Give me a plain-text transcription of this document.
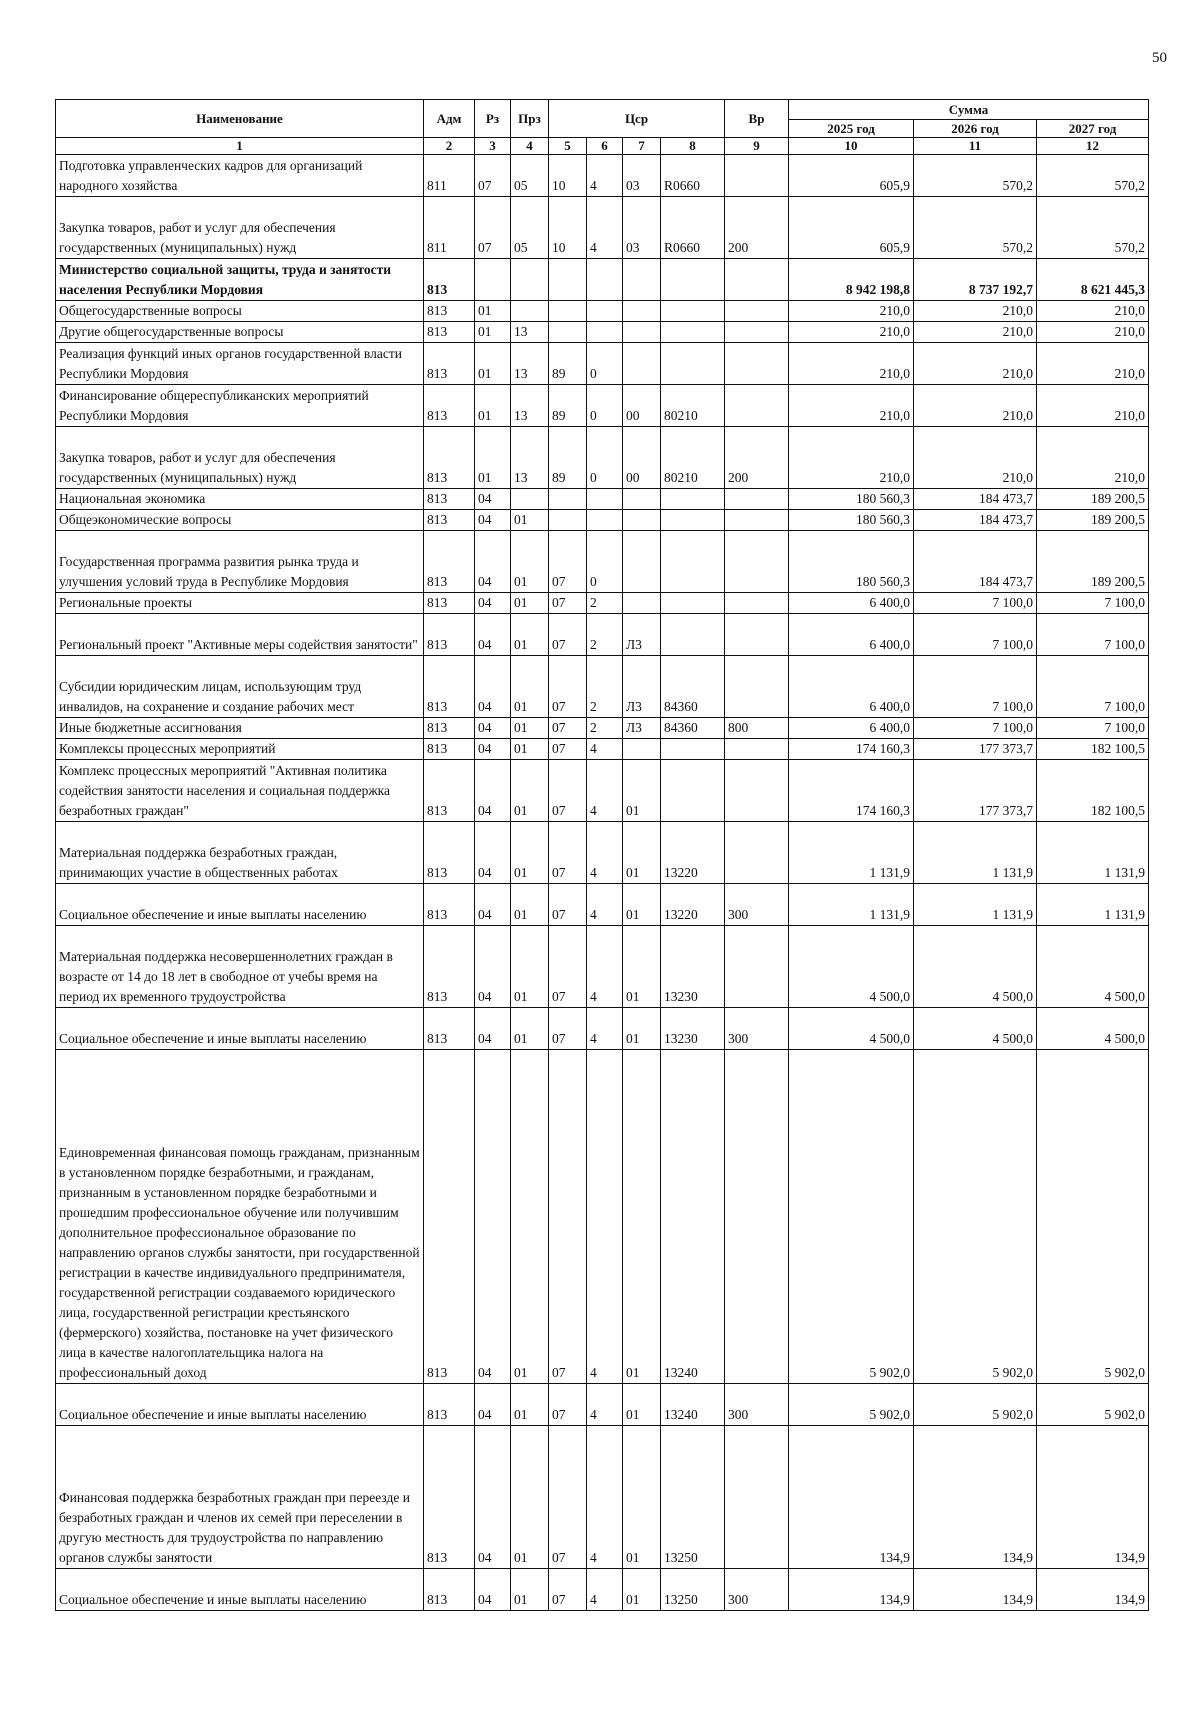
50
Наименование	Адм	Рз	Прз	Цср				Вр	Сумма		
									2025 год	2026 год	2027 год
1	2	3	4	5	6	7	8	9	10	11	12
Подготовка управленческих кадров для организаций народного хозяйства	811	07	05	10	4	03	R0660		605,9	570,2	570,2
Закупка товаров, работ и услуг для обеспечения государственных (муниципальных) нужд	811	07	05	10	4	03	R0660	200	605,9	570,2	570,2
Министерство социальной защиты, труда и занятости населения Республики Мордовия	813								8 942 198,8	8 737 192,7	8 621 445,3
Общегосударственные вопросы	813	01							210,0	210,0	210,0
Другие общегосударственные вопросы	813	01	13						210,0	210,0	210,0
Реализация функций иных органов государственной власти Республики Мордовия	813	01	13	89	0				210,0	210,0	210,0
Финансирование общереспубликанских мероприятий Республики Мордовия	813	01	13	89	0	00	80210		210,0	210,0	210,0
Закупка товаров, работ и услуг для обеспечения государственных (муниципальных) нужд	813	01	13	89	0	00	80210	200	210,0	210,0	210,0
Национальная экономика	813	04							180 560,3	184 473,7	189 200,5
Общеэкономические вопросы	813	04	01						180 560,3	184 473,7	189 200,5
Государственная программа развития рынка труда и улучшения условий труда в Республике Мордовия	813	04	01	07	0				180 560,3	184 473,7	189 200,5
Региональные проекты	813	04	01	07	2				6 400,0	7 100,0	7 100,0
Региональный проект "Активные меры содействия занятости"	813	04	01	07	2	Л3			6 400,0	7 100,0	7 100,0
Субсидии юридическим лицам, использующим труд инвалидов, на сохранение и создание рабочих мест	813	04	01	07	2	Л3	84360		6 400,0	7 100,0	7 100,0
Иные бюджетные ассигнования	813	04	01	07	2	Л3	84360	800	6 400,0	7 100,0	7 100,0
Комплексы процессных мероприятий	813	04	01	07	4				174 160,3	177 373,7	182 100,5
Комплекс процессных мероприятий "Активная политика содействия занятости населения и социальная поддержка безработных граждан"	813	04	01	07	4	01			174 160,3	177 373,7	182 100,5
Материальная поддержка безработных граждан, принимающих участие в общественных работах	813	04	01	07	4	01	13220		1 131,9	1 131,9	1 131,9
Социальное обеспечение и иные выплаты населению	813	04	01	07	4	01	13220	300	1 131,9	1 131,9	1 131,9
Материальная поддержка несовершеннолетних граждан в возрасте от 14 до 18 лет в свободное от учебы время на период их временного трудоустройства	813	04	01	07	4	01	13230		4 500,0	4 500,0	4 500,0
Социальное обеспечение и иные выплаты населению	813	04	01	07	4	01	13230	300	4 500,0	4 500,0	4 500,0
Единовременная финансовая помощь гражданам, признанным в установленном порядке безработными, и гражданам, признанным в установленном порядке безработными и прошедшим профессиональное обучение или получившим дополнительное профессиональное образование по направлению органов службы занятости, при государственной регистрации в качестве индивидуального предпринимателя, государственной регистрации создаваемого юридического лица, государственной регистрации крестьянского (фермерского) хозяйства, постановке на учет физического лица в качестве налогоплательщика налога на профессиональный доход	813	04	01	07	4	01	13240		5 902,0	5 902,0	5 902,0
Социальное обеспечение и иные выплаты населению	813	04	01	07	4	01	13240	300	5 902,0	5 902,0	5 902,0
Финансовая поддержка безработных граждан при переезде и безработных граждан и членов их семей при переселении в другую местность для трудоустройства по направлению органов службы занятости	813	04	01	07	4	01	13250		134,9	134,9	134,9
Социальное обеспечение и иные выплаты населению	813	04	01	07	4	01	13250	300	134,9	134,9	134,9
